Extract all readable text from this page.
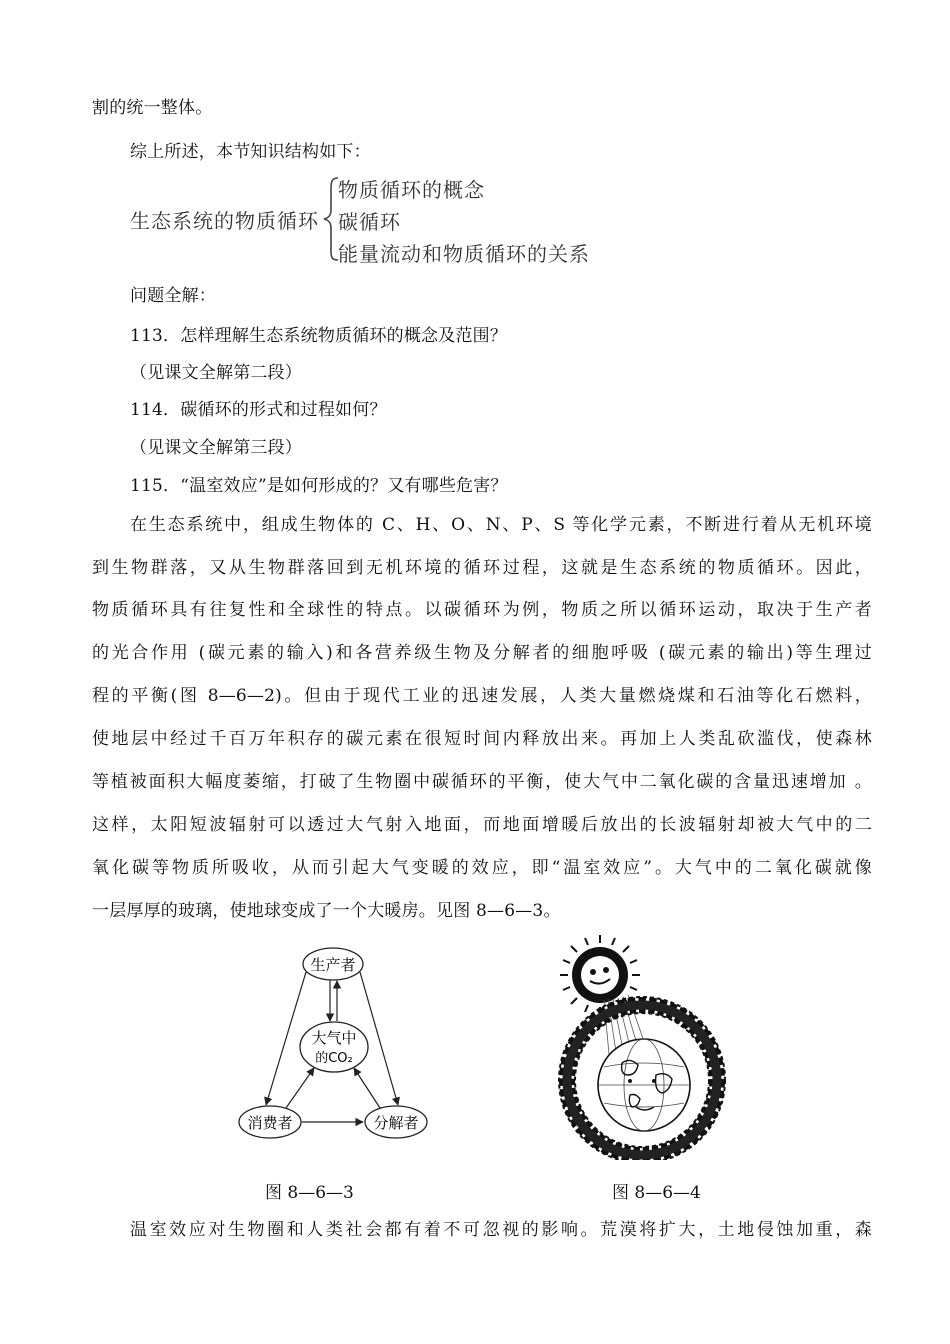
割的统一整体。
综上所述，本节知识结构如下：
生态系统的物质循环
物质循环的概念
碳循环
能量流动和物质循环的关系
问题全解：
113．怎样理解生态系统物质循环的概念及范围？
（见课文全解第二段）
114．碳循环的形式和过程如何？
（见课文全解第三段）
115．“温室效应”是如何形成的？又有哪些危害？
在生态系统中，组成生物体的 C、H、O、N、P、S 等化学元素，不断进行着从无机环境
到生物群落，又从生物群落回到无机环境的循环过程，这就是生态系统的物质循环。因此，
物质循环具有往复性和全球性的特点。以碳循环为例，物质之所以循环运动，取决于生产者
的光合作用 (碳元素的输入)和各营养级生物及分解者的细胞呼吸 (碳元素的输出)等生理过
程的平衡(图 8—6—2)。但由于现代工业的迅速发展，人类大量燃烧煤和石油等化石燃料，
使地层中经过千百万年积存的碳元素在很短时间内释放出来。再加上人类乱砍滥伐，使森林
等植被面积大幅度萎缩，打破了生物圈中碳循环的平衡，使大气中二氧化碳的含量迅速增加 。
这样，太阳短波辐射可以透过大气射入地面，而地面增暖后放出的长波辐射却被大气中的二
氧化碳等物质所吸收，从而引起大气变暖的效应，即“温室效应”。大气中的二氧化碳就像
一层厚厚的玻璃，使地球变成了一个大暖房。见图 8—6—3。
生产者
大气中
的CO₂
消费者	分解者
图 8—6—3	图 8—6—4
温室效应对生物圈和人类社会都有着不可忽视的影响。荒漠将扩大，土地侵蚀加重，森
